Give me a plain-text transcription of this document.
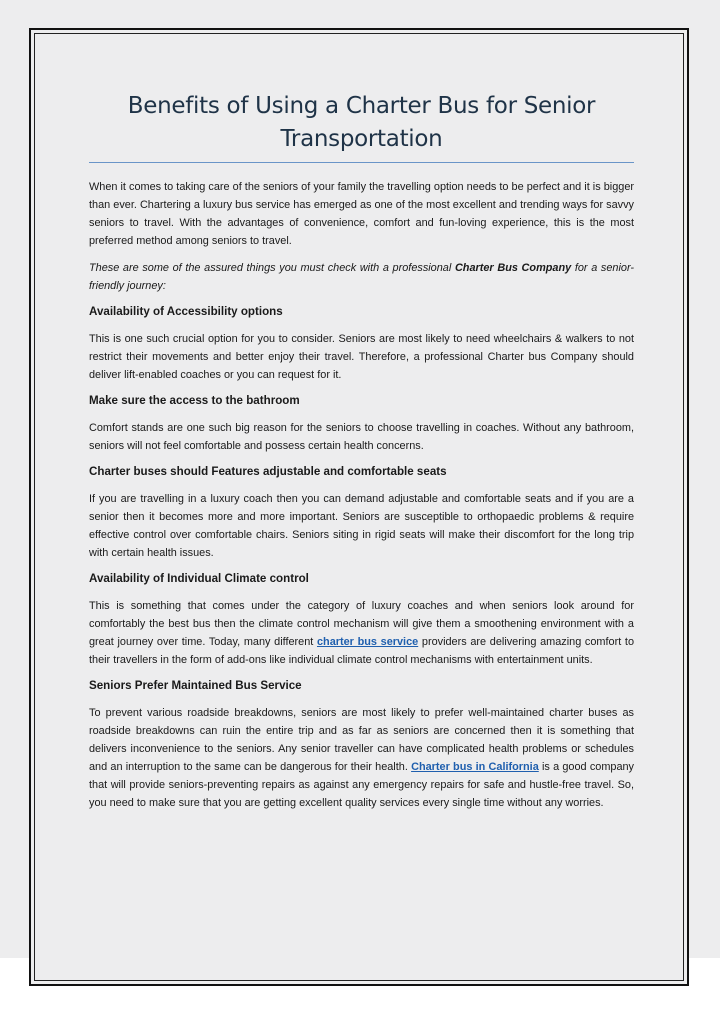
Benefits of Using a Charter Bus for Senior Transportation

When it comes to taking care of the seniors of your family the travelling option needs to be perfect and it is bigger than ever. Chartering a luxury bus service has emerged as one of the most excellent and trending ways for savvy seniors to travel. With the advantages of convenience, comfort and fun-loving experience, this is the most preferred method among seniors to travel.

These are some of the assured things you must check with a professional Charter Bus Company for a senior-friendly journey:

Availability of Accessibility options

This is one such crucial option for you to consider. Seniors are most likely to need wheelchairs & walkers to not restrict their movements and better enjoy their travel. Therefore, a professional Charter bus Company should deliver lift-enabled coaches or you can request for it.

Make sure the access to the bathroom

Comfort stands are one such big reason for the seniors to choose travelling in coaches. Without any bathroom, seniors will not feel comfortable and possess certain health concerns.

Charter buses should Features adjustable and comfortable seats

If you are travelling in a luxury coach then you can demand adjustable and comfortable seats and if you are a senior then it becomes more and more important. Seniors are susceptible to orthopaedic problems & require effective control over comfortable chairs. Seniors siting in rigid seats will make their discomfort for the long trip with certain health issues.

Availability of Individual Climate control

This is something that comes under the category of luxury coaches and when seniors look around for comfortably the best bus then the climate control mechanism will give them a smoothening environment with a great journey over time. Today, many different charter bus service providers are delivering amazing comfort to their travellers in the form of add-ons like individual climate control mechanisms with entertainment units.

Seniors Prefer Maintained Bus Service

To prevent various roadside breakdowns, seniors are most likely to prefer well-maintained charter buses as roadside breakdowns can ruin the entire trip and as far as seniors are concerned then it is something that delivers inconvenience to the seniors. Any senior traveller can have complicated health problems or schedules and an interruption to the same can be dangerous for their health. Charter bus in California is a good company that will provide seniors-preventing repairs as against any emergency repairs for safe and hustle-free travel. So, you need to make sure that you are getting excellent quality services every single time without any worries.
